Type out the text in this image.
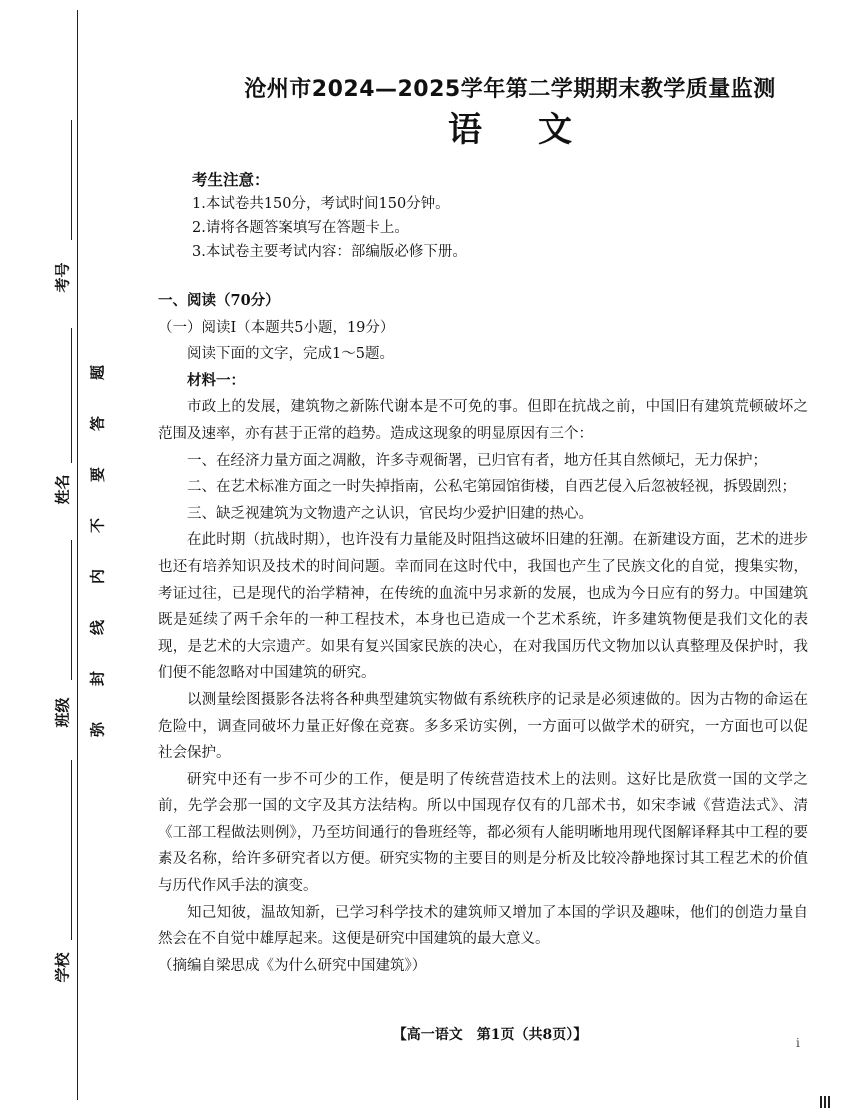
考号
姓名
班级
学校
题
答
要
不
内
线
封
弥
沧州市2024—2025学年第二学期期末教学质量监测
语文
考生注意：
1.本试卷共150分，考试时间150分钟。
2.请将各题答案填写在答题卡上。
3.本试卷主要考试内容：部编版必修下册。

一、阅读（70分）

（一）阅读Ⅰ（本题共5小题，19分）

阅读下面的文字，完成1～5题。

材料一：

市政上的发展，建筑物之新陈代谢本是不可免的事。但即在抗战之前，中国旧有建筑荒顿破坏之范围及速率，亦有甚于正常的趋势。造成这现象的明显原因有三个：

一、在经济力量方面之凋敝，许多寺观衙署，已归官有者，地方任其自然倾圮，无力保护；

二、在艺术标准方面之一时失掉指南，公私宅第园馆街楼，自西艺侵入后忽被轻视，拆毁剧烈；

三、缺乏视建筑为文物遗产之认识，官民均少爱护旧建的热心。

在此时期（抗战时期），也许没有力量能及时阻挡这破坏旧建的狂潮。在新建设方面，艺术的进步也还有培养知识及技术的时间问题。幸而同在这时代中，我国也产生了民族文化的自觉，搜集实物，考证过往，已是现代的治学精神，在传统的血流中另求新的发展，也成为今日应有的努力。中国建筑既是延续了两千余年的一种工程技术，本身也已造成一个艺术系统，许多建筑物便是我们文化的表现，是艺术的大宗遗产。如果有复兴国家民族的决心，在对我国历代文物加以认真整理及保护时，我们便不能忽略对中国建筑的研究。

以测量绘图摄影各法将各种典型建筑实物做有系统秩序的记录是必须速做的。因为古物的命运在危险中，调查同破坏力量正好像在竞赛。多多采访实例，一方面可以做学术的研究，一方面也可以促社会保护。

研究中还有一步不可少的工作，便是明了传统营造技术上的法则。这好比是欣赏一国的文学之前，先学会那一国的文字及其方法结构。所以中国现存仅有的几部术书，如宋李诫《营造法式》、清《工部工程做法则例》，乃至坊间通行的鲁班经等，都必须有人能明晰地用现代图解译释其中工程的要素及名称，给许多研究者以方便。研究实物的主要目的则是分析及比较冷静地探讨其工程艺术的价值与历代作风手法的演变。

知己知彼，温故知新，已学习科学技术的建筑师又增加了本国的学识及趣味，他们的创造力量自然会在不自觉中雄厚起来。这便是研究中国建筑的最大意义。

（摘编自梁思成《为什么研究中国建筑》）

【高一语文　第1页（共8页）】	i
